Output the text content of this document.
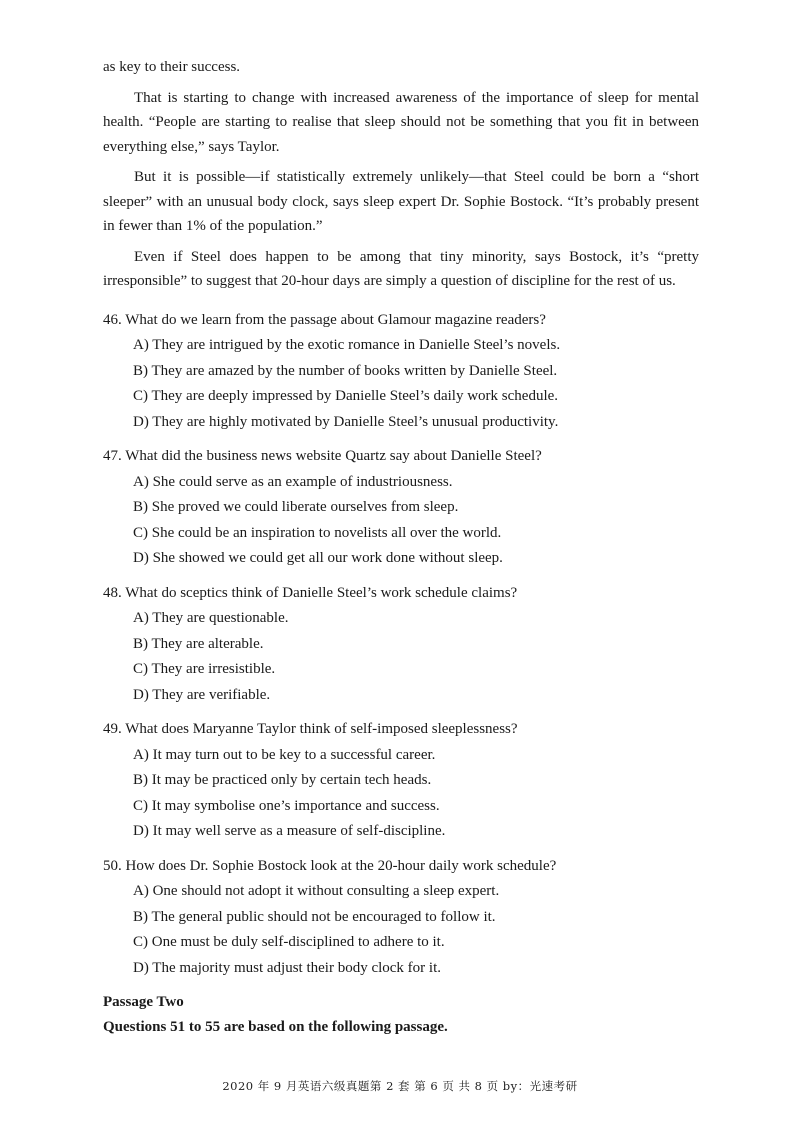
as key to their success.

That is starting to change with increased awareness of the importance of sleep for mental health. “People are starting to realise that sleep should not be something that you fit in between everything else,” says Taylor.

But it is possible—if statistically extremely unlikely—that Steel could be born a “short sleeper” with an unusual body clock, says sleep expert Dr. Sophie Bostock. “It’s probably present in fewer than 1% of the population.”

Even if Steel does happen to be among that tiny minority, says Bostock, it’s “pretty irresponsible” to suggest that 20-hour days are simply a question of discipline for the rest of us.

46. What do we learn from the passage about Glamour magazine readers?

A) They are intrigued by the exotic romance in Danielle Steel’s novels.

B) They are amazed by the number of books written by Danielle Steel.

C) They are deeply impressed by Danielle Steel’s daily work schedule.

D) They are highly motivated by Danielle Steel’s unusual productivity.

47. What did the business news website Quartz say about Danielle Steel?

A) She could serve as an example of industriousness.

B) She proved we could liberate ourselves from sleep.

C) She could be an inspiration to novelists all over the world.

D) She showed we could get all our work done without sleep.

48. What do sceptics think of Danielle Steel’s work schedule claims?

A) They are questionable.

B) They are alterable.

C) They are irresistible.

D) They are verifiable.

49. What does Maryanne Taylor think of self-imposed sleeplessness?

A) It may turn out to be key to a successful career.

B) It may be practiced only by certain tech heads.

C) It may symbolise one’s importance and success.

D) It may well serve as a measure of self-discipline.

50. How does Dr. Sophie Bostock look at the 20-hour daily work schedule?

A) One should not adopt it without consulting a sleep expert.

B) The general public should not be encouraged to follow it.

C) One must be duly self-disciplined to adhere to it.

D) The majority must adjust their body clock for it.

Passage Two

Questions 51 to 55 are based on the following passage.

2020 年 9 月英语六级真题第 2 套 第 6 页 共 8 页 by：光速考研
